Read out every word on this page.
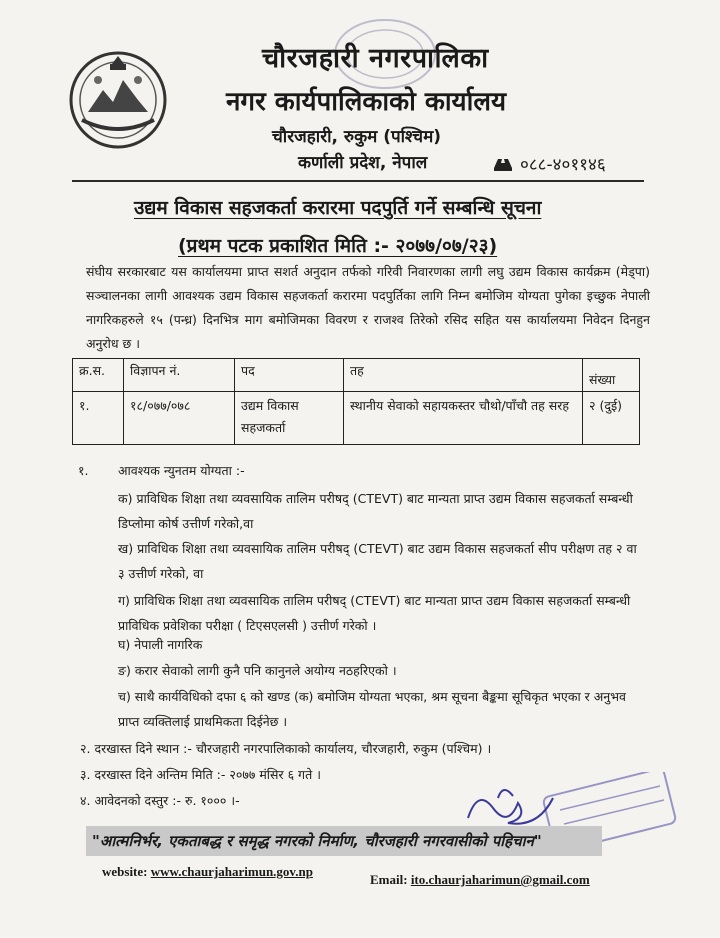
चौरजहारी नगरपालिका
नगर कार्यपालिकाको कार्यालय
चौरजहारी, रुकुम (पश्चिम)
कर्णाली प्रदेश, नेपाल	०८८-४०११४६
उद्यम विकास सहजकर्ता करारमा पदपुर्ति गर्ने सम्बन्धि सूचना
(प्रथम पटक प्रकाशित मिति :- २०७७/०७/२३)
संघीय सरकारबाट यस कार्यालयमा प्राप्त सशर्त अनुदान तर्फको गरिवी निवारणका लागी लघु उद्यम विकास कार्यक्रम (मेड्पा) सञ्चालनका लागी आवश्यक उद्यम विकास सहजकर्ता करारमा पदपुर्तिका लागि निम्न बमोजिम योग्यता पुगेका इच्छुक नेपाली नागरिकहरुले १५ (पन्ध्र) दिनभित्र माग बमोजिमका विवरण र राजश्व तिरेको रसिद सहित यस कार्यालयमा निवेदन दिनहुन अनुरोध छ ।
क्र.स.	विज्ञापन नं.	पद	तह	संख्या
१.	१८/०७७/०७८	उद्यम विकास सहजकर्ता	स्थानीय सेवाको सहायकस्तर चौथो/पाँचौ तह सरह	२ (दुई)
१. आवश्यक न्युनतम योग्यता :-
क) प्राविधिक शिक्षा तथा व्यवसायिक तालिम परीषद् (CTEVT) बाट मान्यता प्राप्त उद्यम विकास सहजकर्ता सम्बन्धी डिप्लोमा कोर्ष उत्तीर्ण गरेको,वा
ख) प्राविधिक शिक्षा तथा व्यवसायिक तालिम परीषद् (CTEVT) बाट उद्यम विकास सहजकर्ता सीप परीक्षण तह २ वा ३ उत्तीर्ण गरेको, वा
ग) प्राविधिक शिक्षा तथा व्यवसायिक तालिम परीषद् (CTEVT) बाट मान्यता प्राप्त उद्यम विकास सहजकर्ता सम्बन्धी प्राविधिक प्रवेशिका परीक्षा ( टिएसएलसी ) उत्तीर्ण गरेको ।
घ) नेपाली नागरिक
ङ) करार सेवाको लागी कुनै पनि कानुनले अयोग्य नठहरिएको ।
च) साथै कार्यविधिको दफा ६ को खण्ड (क) बमोजिम योग्यता भएका, श्रम सूचना बैङ्कमा सूचिकृत भएका र अनुभव प्राप्त व्यक्तिलाई प्राथमिकता दिईनेछ ।
२. दरखास्त दिने स्थान :- चौरजहारी नगरपालिकाको कार्यालय, चौरजहारी, रुकुम (पश्चिम) ।
३. दरखास्त दिने अन्तिम मिति :- २०७७ मंसिर ६ गते ।
४. आवेदनको दस्तुर :- रु. १००० ।-
"आत्मनिर्भर, एकताबद्ध र समृद्ध नगरको निर्माण, चौरजहारी नगरवासीको पहिचान"
website: www.chaurjaharimun.gov.np
Email: ito.chaurjaharimun@gmail.com
